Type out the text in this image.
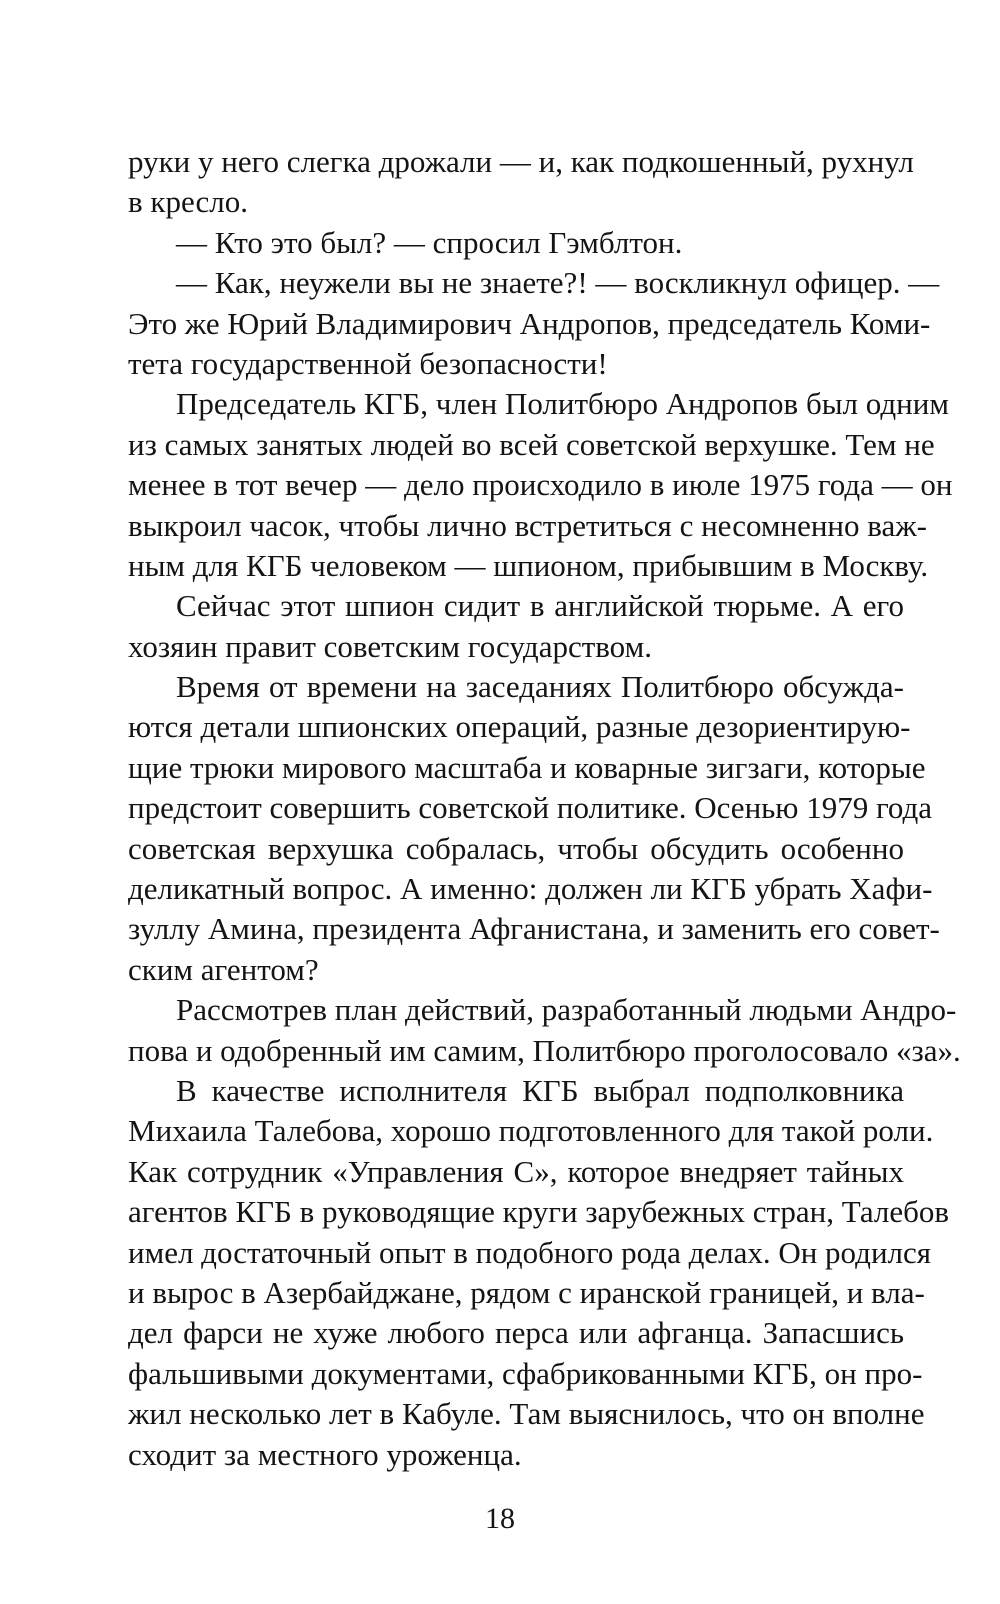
руки у него слегка дрожали — и, как подкошенный, рухнул
в кресло.
— Кто это был? — спросил Гэмблтон.
— Как, неужели вы не знаете?! — воскликнул офицер. —
Это же Юрий Владимирович Андропов, председатель Коми-
тета государственной безопасности!
Председатель КГБ, член Политбюро Андропов был одним
из самых занятых людей во всей советской верхушке. Тем не
менее в тот вечер — дело происходило в июле 1975 года — он
выкроил часок, чтобы лично встретиться с несомненно важ-
ным для КГБ человеком — шпионом, прибывшим в Москву.
Сейчас этот шпион сидит в английской тюрьме. А его
хозяин правит советским государством.
Время от времени на заседаниях Политбюро обсужда-
ются детали шпионских операций, разные дезориентирую-
щие трюки мирового масштаба и коварные зигзаги, которые
предстоит совершить советской политике. Осенью 1979 года
советская верхушка собралась, чтобы обсудить особенно
деликатный вопрос. А именно: должен ли КГБ убрать Хафи-
зуллу Амина, президента Афганистана, и заменить его совет-
ским агентом?
Рассмотрев план действий, разработанный людьми Андро-
пова и одобренный им самим, Политбюро проголосовало «за».
В качестве исполнителя КГБ выбрал подполковника
Михаила Талебова, хорошо подготовленного для такой роли.
Как сотрудник «Управления С», которое внедряет тайных
агентов КГБ в руководящие круги зарубежных стран, Талебов
имел достаточный опыт в подобного рода делах. Он родился
и вырос в Азербайджане, рядом с иранской границей, и вла-
дел фарси не хуже любого перса или афганца. Запасшись
фальшивыми документами, сфабрикованными КГБ, он про-
жил несколько лет в Кабуле. Там выяснилось, что он вполне
сходит за местного уроженца.
18
